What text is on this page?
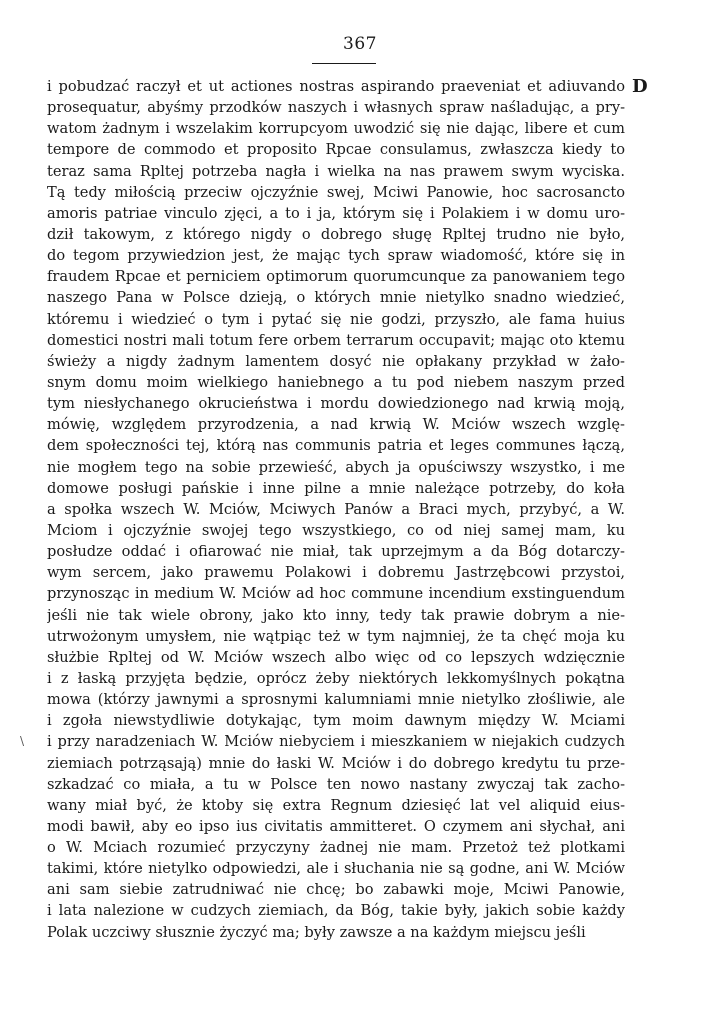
367
D
\
i pobudzać raczył et ut actiones nostras aspirando praeveniat et adiuvando
prosequatur, abyśmy przodków naszych i własnych spraw naśladując, a pry-
watom żadnym i wszelakim korrupcyom uwodzić się nie dając, libere et cum
tempore de commodo et proposito Rpcae consulamus, zwłaszcza kiedy to
teraz sama Rpltej potrzeba nagła i wielka na nas prawem swym wyciska.
Tą tedy miłością przeciw ojczyźnie swej, Mciwi Panowie, hoc sacrosancto
amoris patriae vinculo zjęci, a to i ja, którym się i Polakiem i w domu uro-
dził takowym, z którego nigdy o dobrego sługę Rpltej trudno nie było,
do tegom przywiedzion jest, że mając tych spraw wiadomość, które się in
fraudem Rpcae et perniciem optimorum quorumcunque za panowaniem tego
naszego Pana w Polsce dzieją, o których mnie nietylko snadno wiedzieć,
któremu i wiedzieć o tym i pytać się nie godzi, przyszło, ale fama huius
domestici nostri mali totum fere orbem terrarum occupavit; mając oto ktemu
świeży a nigdy żadnym lamentem dosyć nie opłakany przykład w żało-
snym domu moim wielkiego haniebnego a tu pod niebem naszym przed
tym niesłychanego okrucieństwa i mordu dowiedzionego nad krwią moją,
mówię, względem przyrodzenia, a nad krwią W. Mciów wszech wzglę-
dem społeczności tej, którą nas communis patria et leges communes łączą,
nie mogłem tego na sobie przewieść, abych ja opuściwszy wszystko, i me
domowe posługi pańskie i inne pilne a mnie należące potrzeby, do koła
a społka wszech W. Mciów, Mciwych Panów a Braci mych, przybyć, a W.
Mciom i ojczyźnie swojej tego wszystkiego, co od niej samej mam, ku
posłudze oddać i ofiarować nie miał, tak uprzejmym a da Bóg dotarczy-
wym sercem, jako prawemu Polakowi i dobremu Jastrzębcowi przystoi,
przynosząc in medium W. Mciów ad hoc commune incendium exstinguendum
jeśli nie tak wiele obrony, jako kto inny, tedy tak prawie dobrym a nie-
utrwożonym umysłem, nie wątpiąc też w tym najmniej, że ta chęć moja ku
służbie Rpltej od W. Mciów wszech albo więc od co lepszych wdzięcznie
i z łaską przyjęta będzie, oprócz żeby niektórych lekkomyślnych pokątna
mowa (którzy jawnymi a sprosnymi kalumniami mnie nietylko złośliwie, ale
i zgoła niewstydliwie dotykając, tym moim dawnym między W. Mciami
i przy naradzeniach W. Mciów niebyciem i mieszkaniem w niejakich cudzych
ziemiach potrząsają) mnie do łaski W. Mciów i do dobrego kredytu tu prze-
szkadzać co miała, a tu w Polsce ten nowo nastany zwyczaj tak zacho-
wany miał być, że ktoby się extra Regnum dziesięć lat vel aliquid eius-
modi bawił, aby eo ipso ius civitatis ammitteret. O czymem ani słychał, ani
o W. Mciach rozumieć przyczyny żadnej nie mam. Przetoż też plotkami
takimi, które nietylko odpowiedzi, ale i słuchania nie są godne, ani W. Mciów
ani sam siebie zatrudniwać nie chcę; bo zabawki moje, Mciwi Panowie,
i lata nalezione w cudzych ziemiach, da Bóg, takie były, jakich sobie każdy
Polak uczciwy słusznie życzyć ma; były zawsze a na każdym miejscu jeśli
